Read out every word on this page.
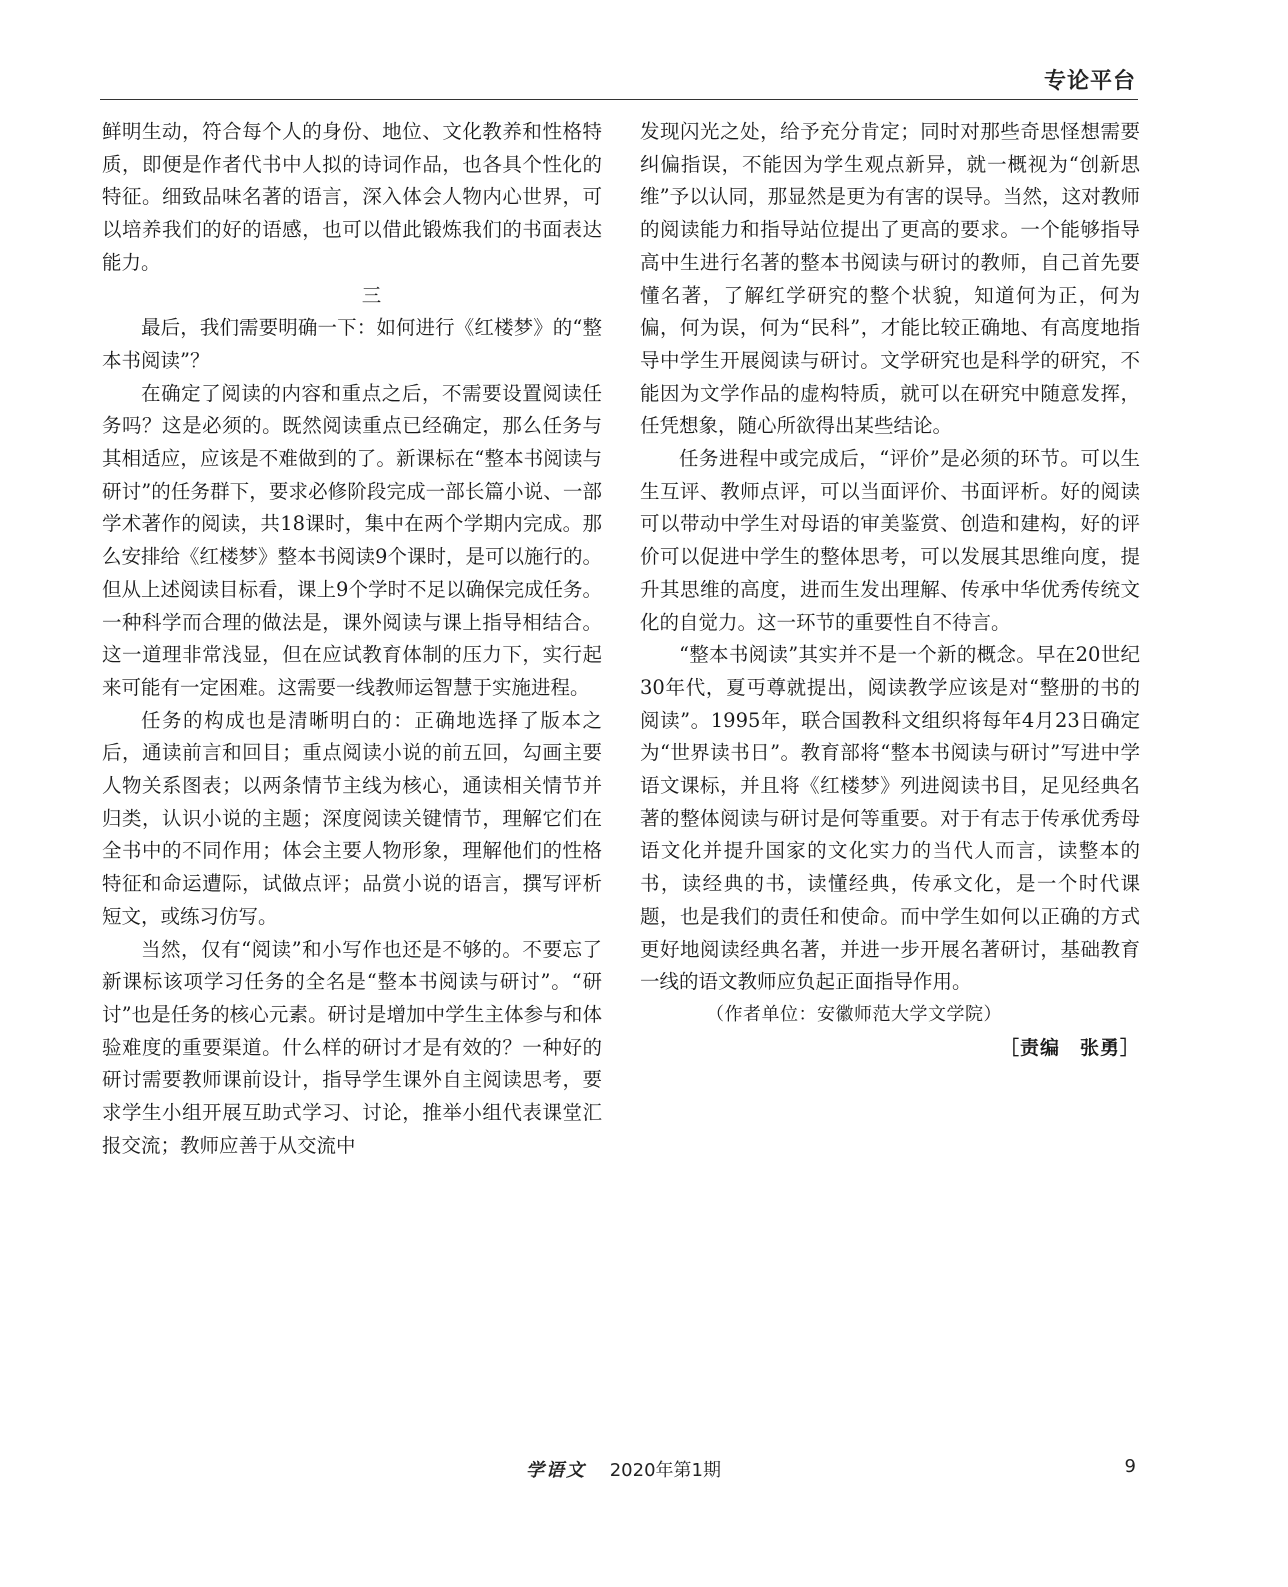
专论平台

鲜明生动，符合每个人的身份、地位、文化教养和性格特质，即便是作者代书中人拟的诗词作品，也各具个性化的特征。细致品味名著的语言，深入体会人物内心世界，可以培养我们的好的语感，也可以借此锻炼我们的书面表达能力。

三

最后，我们需要明确一下：如何进行《红楼梦》的“整本书阅读”？

在确定了阅读的内容和重点之后，不需要设置阅读任务吗？这是必须的。既然阅读重点已经确定，那么任务与其相适应，应该是不难做到的了。新课标在“整本书阅读与研讨”的任务群下，要求必修阶段完成一部长篇小说、一部学术著作的阅读，共18课时，集中在两个学期内完成。那么安排给《红楼梦》整本书阅读9个课时，是可以施行的。但从上述阅读目标看，课上9个学时不足以确保完成任务。一种科学而合理的做法是，课外阅读与课上指导相结合。这一道理非常浅显，但在应试教育体制的压力下，实行起来可能有一定困难。这需要一线教师运智慧于实施进程。

任务的构成也是清晰明白的：正确地选择了版本之后，通读前言和回目；重点阅读小说的前五回，勾画主要人物关系图表；以两条情节主线为核心，通读相关情节并归类，认识小说的主题；深度阅读关键情节，理解它们在全书中的不同作用；体会主要人物形象，理解他们的性格特征和命运遭际，试做点评；品赏小说的语言，撰写评析短文，或练习仿写。

当然，仅有“阅读”和小写作也还是不够的。不要忘了新课标该项学习任务的全名是“整本书阅读与研讨”。“研讨”也是任务的核心元素。研讨是增加中学生主体参与和体验难度的重要渠道。什么样的研讨才是有效的？一种好的研讨需要教师课前设计，指导学生课外自主阅读思考，要求学生小组开展互助式学习、讨论，推举小组代表课堂汇报交流；教师应善于从交流中

发现闪光之处，给予充分肯定；同时对那些奇思怪想需要纠偏指误，不能因为学生观点新异，就一概视为“创新思维”予以认同，那显然是更为有害的误导。当然，这对教师的阅读能力和指导站位提出了更高的要求。一个能够指导高中生进行名著的整本书阅读与研讨的教师，自己首先要懂名著，了解红学研究的整个状貌，知道何为正，何为偏，何为误，何为“民科”，才能比较正确地、有高度地指导中学生开展阅读与研讨。文学研究也是科学的研究，不能因为文学作品的虚构特质，就可以在研究中随意发挥，任凭想象，随心所欲得出某些结论。

任务进程中或完成后，“评价”是必须的环节。可以生生互评、教师点评，可以当面评价、书面评析。好的阅读可以带动中学生对母语的审美鉴赏、创造和建构，好的评价可以促进中学生的整体思考，可以发展其思维向度，提升其思维的高度，进而生发出理解、传承中华优秀传统文化的自觉力。这一环节的重要性自不待言。

“整本书阅读”其实并不是一个新的概念。早在20世纪30年代，夏丏尊就提出，阅读教学应该是对“整册的书的阅读”。1995年，联合国教科文组织将每年4月23日确定为“世界读书日”。教育部将“整本书阅读与研讨”写进中学语文课标，并且将《红楼梦》列进阅读书目，足见经典名著的整体阅读与研讨是何等重要。对于有志于传承优秀母语文化并提升国家的文化实力的当代人而言，读整本的书，读经典的书，读懂经典，传承文化，是一个时代课题，也是我们的责任和使命。而中学生如何以正确的方式更好地阅读经典名著，并进一步开展名著研讨，基础教育一线的语文教师应负起正面指导作用。

（作者单位：安徽师范大学文学院）

［责编　张勇］

学语文 2020年第1期	9
